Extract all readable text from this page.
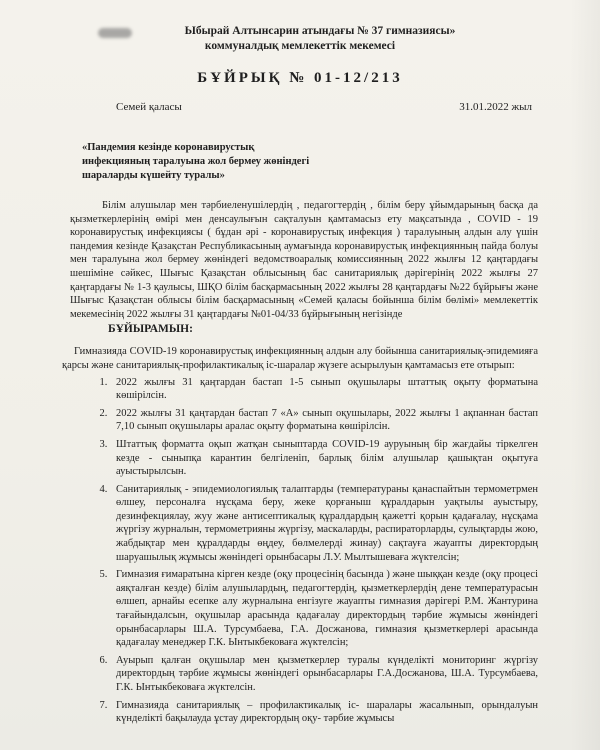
Ыбырай Алтынсарин атындағы № 37 гимназиясы»
коммуналдық мемлекеттік мекемесі
БҰЙРЫҚ № 01-12/213
Семей қаласы	31.01.2022 жыл
«Пандемия кезінде коронавирустық инфекцияның таралуына жол бермеу жөніндегі шараларды күшейту туралы»

Білім алушылар мен тәрбиеленушілердің , педагогтердің , білім беру ұйымдарының басқа да қызметкерлерінің өмірі мен денсаулығын сақталуын қамтамасыз ету мақсатында , COVID - 19 коронавирустық инфекциясы ( бұдан әрі - коронавирустық инфекция ) таралуының алдын алу үшін пандемия кезінде Қазақстан Республикасының аумағында коронавирустық инфекциянның пайда болуы мен таралуына жол бермеу жөніндегі ведомствоаралық комиссиянның 2022 жылғы 12 қаңтардағы шешіміне сәйкес, Шығыс Қазақстан облысының бас санитариялық дәрігерінің 2022 жылғы 27 қаңтардағы № 1-3 қаулысы, ШҚО білім басқармасының 2022 жылғы 28 қаңтардағы №22 бұйрығы және Шығыс Қазақстан облысы білім басқармасының «Семей қаласы бойынша білім бөлімі» мемлекеттік мекемесінің 2022 жылғы 31 қаңтардағы №01-04/33 бұйрығының негізінде

БҰЙЫРАМЫН:

Гимназияда COVID-19 коронавирустық инфекциянның алдын алу бойынша санитариялық-эпидемияға қарсы және санитариялық-профилактикалық іс-шаралар жүзеге асырылуын қамтамасыз ете отырып:

1. 2022 жылғы 31 қаңтардан бастап 1-5 сынып оқушылары штаттық оқыту форматына көшірілсін.
2. 2022 жылғы 31 қаңтардан бастап 7 «А» сынып оқушылары, 2022 жылғы 1 ақпаннан бастап 7,10 сынып оқушылары аралас оқыту форматына көшірілсін.
3. Штаттық форматта оқып жатқан сыныптарда COVID-19 ауруының бір жағдайы тіркелген кезде - сыныпқа карантин белгіленіп, барлық білім алушылар қашықтан оқытуға ауыстырылсын.
4. Санитариялық - эпидемиологиялық талаптарды (температураны қанаспайтын термометрмен өлшеу, персоналға нұсқама беру, жеке қорғаныш құралдарын уақтылы ауыстыру, дезинфекциялау, жуу және антисептикалық құралдардың қажетті қорын қадағалау, нұсқама жүргізу журналын, термометрияны жүргізу, маскаларды, распираторларды, сулықтарды жою, жабдықтар мен құралдарды өңдеу, бөлмелерді жинау) сақтауға жауапты директордың шаруашылық жұмысы жөніндегі орынбасары Л.У. Мылтышеваға жүктелсін;
5. Гимназия ғимаратына кірген кезде (оқу процесінің басында ) және шыққан кезде (оқу процесі аяқталған кезде) білім алушылардың, педагогтердің, қызметкерлердің дене температурасын өлшеп, арнайы есепке алу журналына енгізуге жауапты гимназия дәрігері Р.М. Жантурина тағайындалсын, оқушылар арасында қадағалау директордың тәрбие жұмысы жөніндегі орынбасарлары Ш.А. Турсумбаева, Г.А. Досжанова, гимназия қызметкерлері арасында қадағалау менеджер Г.К. Ынтыкбековаға жүктелсін;
6. Ауырып қалған оқушылар мен қызметкерлер туралы күнделікті мониторинг жүргізу директордың тәрбие жұмысы жөніндегі орынбасарлары Г.А.Досжанова, Ш.А. Турсумбаева, Г.К. Ынтыкбековаға жүктелсін.
7. Гимназияда санитариялық – профилактикалық іс- шаралары жасалынып, орындалуын күнделікті бақылауда ұстау директордың оқу- тәрбие жұмысы
